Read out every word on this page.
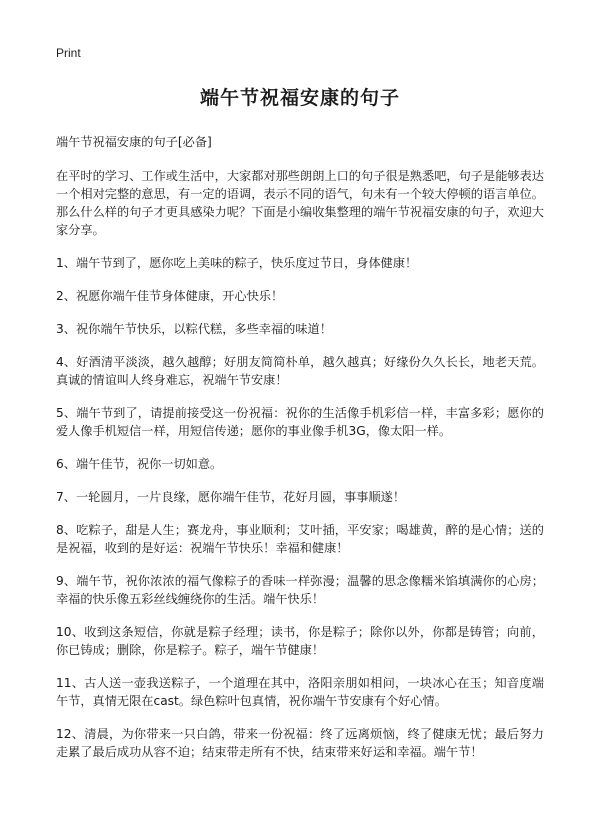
Print
端午节祝福安康的句子

端午节祝福安康的句子[必备]

在平时的学习、工作或生活中，大家都对那些朗朗上口的句子很是熟悉吧，句子是能够表达一个相对完整的意思，有一定的语调，表示不同的语气，句未有一个较大停顿的语言单位。那么什么样的句子才更具感染力呢？下面是小编收集整理的端午节祝福安康的句子，欢迎大家分享。

1、端午节到了，愿你吃上美味的粽子，快乐度过节日，身体健康！
2、祝愿你端午佳节身体健康，开心快乐！
3、祝你端午节快乐，以粽代糕，多些幸福的味道！
4、好酒清平淡淡，越久越醇；好朋友简简朴单，越久越真；好缘份久久长长，地老天荒。真诚的情谊叫人终身难忘，祝端午节安康！
5、端午节到了，请提前接受这一份祝福：祝你的生活像手机彩信一样，丰富多彩；愿你的爱人像手机短信一样，用短信传递；愿你的事业像手机3G，像太阳一样。
6、端午佳节，祝你一切如意。
7、一轮圆月，一片良缘，愿你端午佳节，花好月圆，事事顺遂！
8、吃粽子，甜是人生；赛龙舟，事业顺利；艾叶插，平安家；喝雄黄，醉的是心情；送的是祝福，收到的是好运：祝端午节快乐！幸福和健康！
9、端午节，祝你浓浓的福气像粽子的香味一样弥漫；温馨的思念像糯米馅填满你的心房；幸福的快乐像五彩丝线缠绕你的生活。端午快乐！
10、收到这条短信，你就是粽子经理；读书，你是粽子；除你以外，你都是铸管；向前，你已铸成；删除，你是粽子。粽子，端午节健康！
11、古人送一壶我送粽子，一个道理在其中，洛阳亲朋如相问，一块冰心在玉；知音度端午节，真情无限在cast。绿色粽叶包真情，祝你端午节安康有个好心情。
12、清晨，为你带来一只白鸽，带来一份祝福：终了远离烦恼，终了健康无忧；最后努力走累了最后成功从容不迫；结束带走所有不快，结束带来好运和幸福。端午节！
